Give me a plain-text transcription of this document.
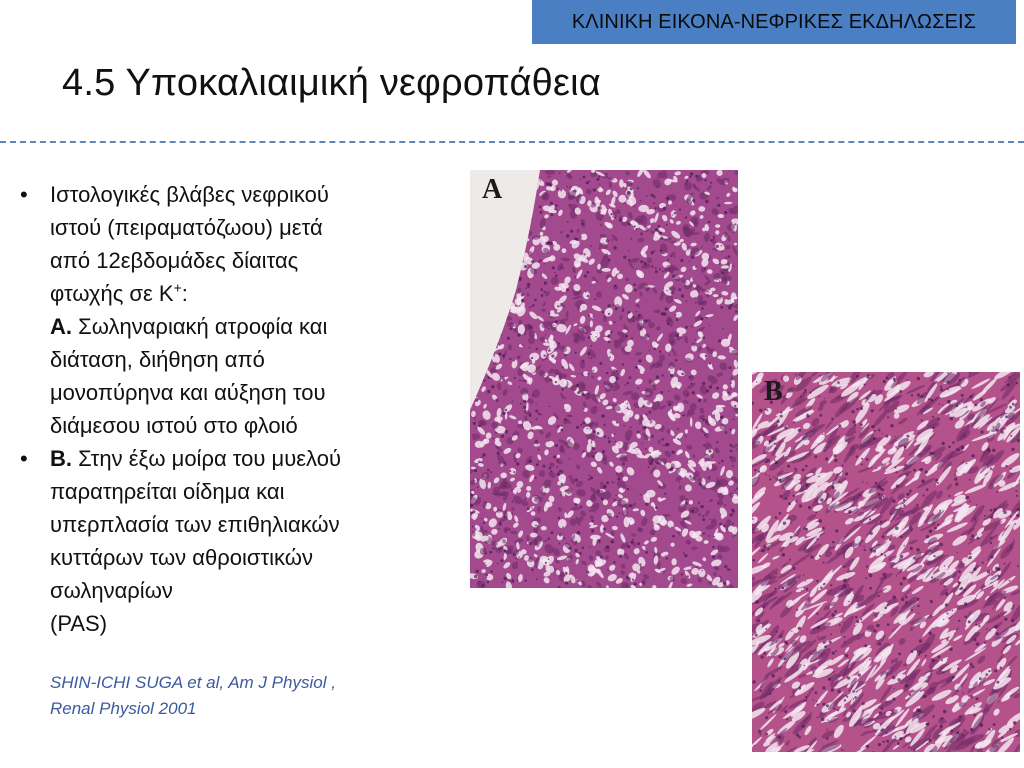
ΚΛΙΝΙΚΗ ΕΙΚΟΝΑ-ΝΕΦΡΙΚΕΣ ΕΚΔΗΛΩΣΕΙΣ
4.5 Υποκαλιαιμική νεφροπάθεια
•	Ιστολογικές βλάβες νεφρικού
ιστού (πειραματόζωου) μετά
από 12εβδομάδες δίαιτας
φτωχής σε Κ+:
Α. Σωληναριακή ατροφία και
διάταση, διήθηση από
μονοπύρηνα και αύξηση του
διάμεσου ιστού στο φλοιό
•	Β. Στην έξω μοίρα του μυελού
παρατηρείται οίδημα και
υπερπλασία των επιθηλιακών
κυττάρων των αθροιστικών
σωληναρίων
(PAS)
SHIN-ICHI SUGA et al, Am J Physiol ,
Renal Physiol 2001
A
B
